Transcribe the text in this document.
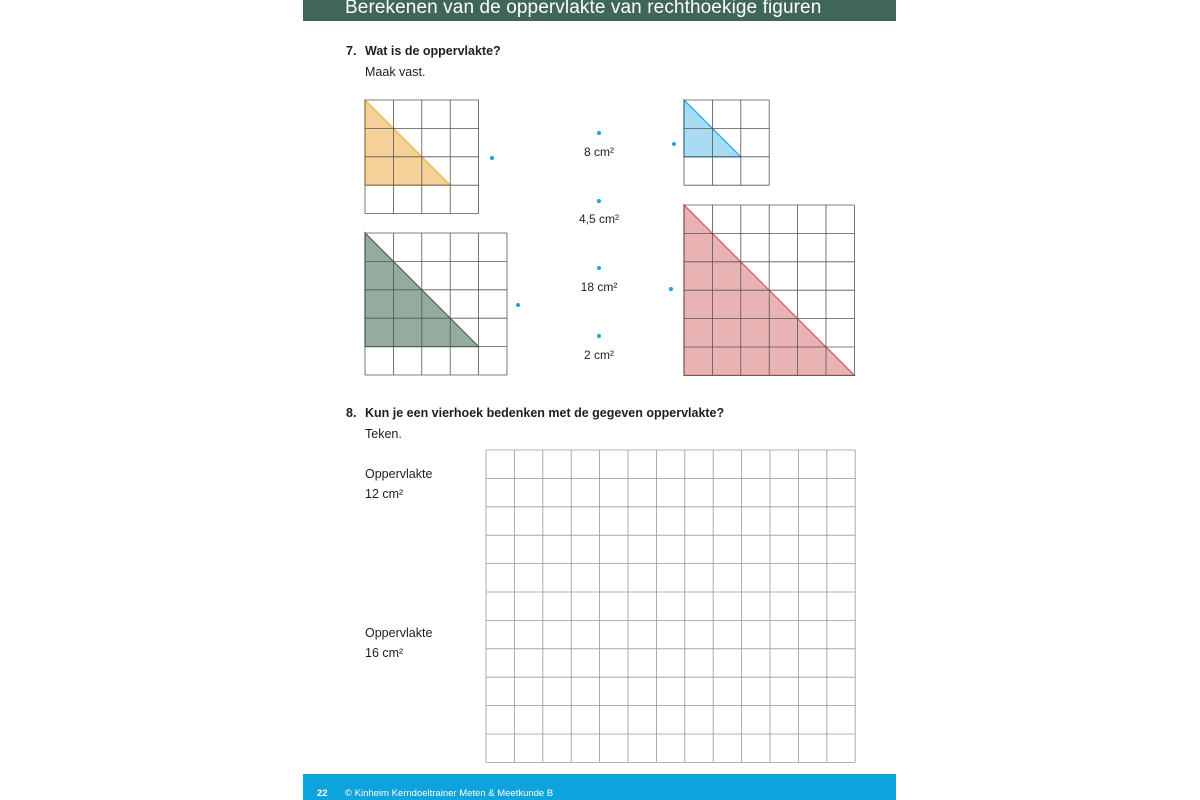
Berekenen van de oppervlakte van rechthoekige figuren
7. Wat is de oppervlakte?
Maak vast.
8 cm²
4,5 cm²
18 cm²
2 cm²
8. Kun je een vierhoek bedenken met de gegeven oppervlakte?
Teken.
Oppervlakte
12 cm²
Oppervlakte
16 cm²
22 © Kinheim Kerndoeltrainer Meten & Meetkunde B
